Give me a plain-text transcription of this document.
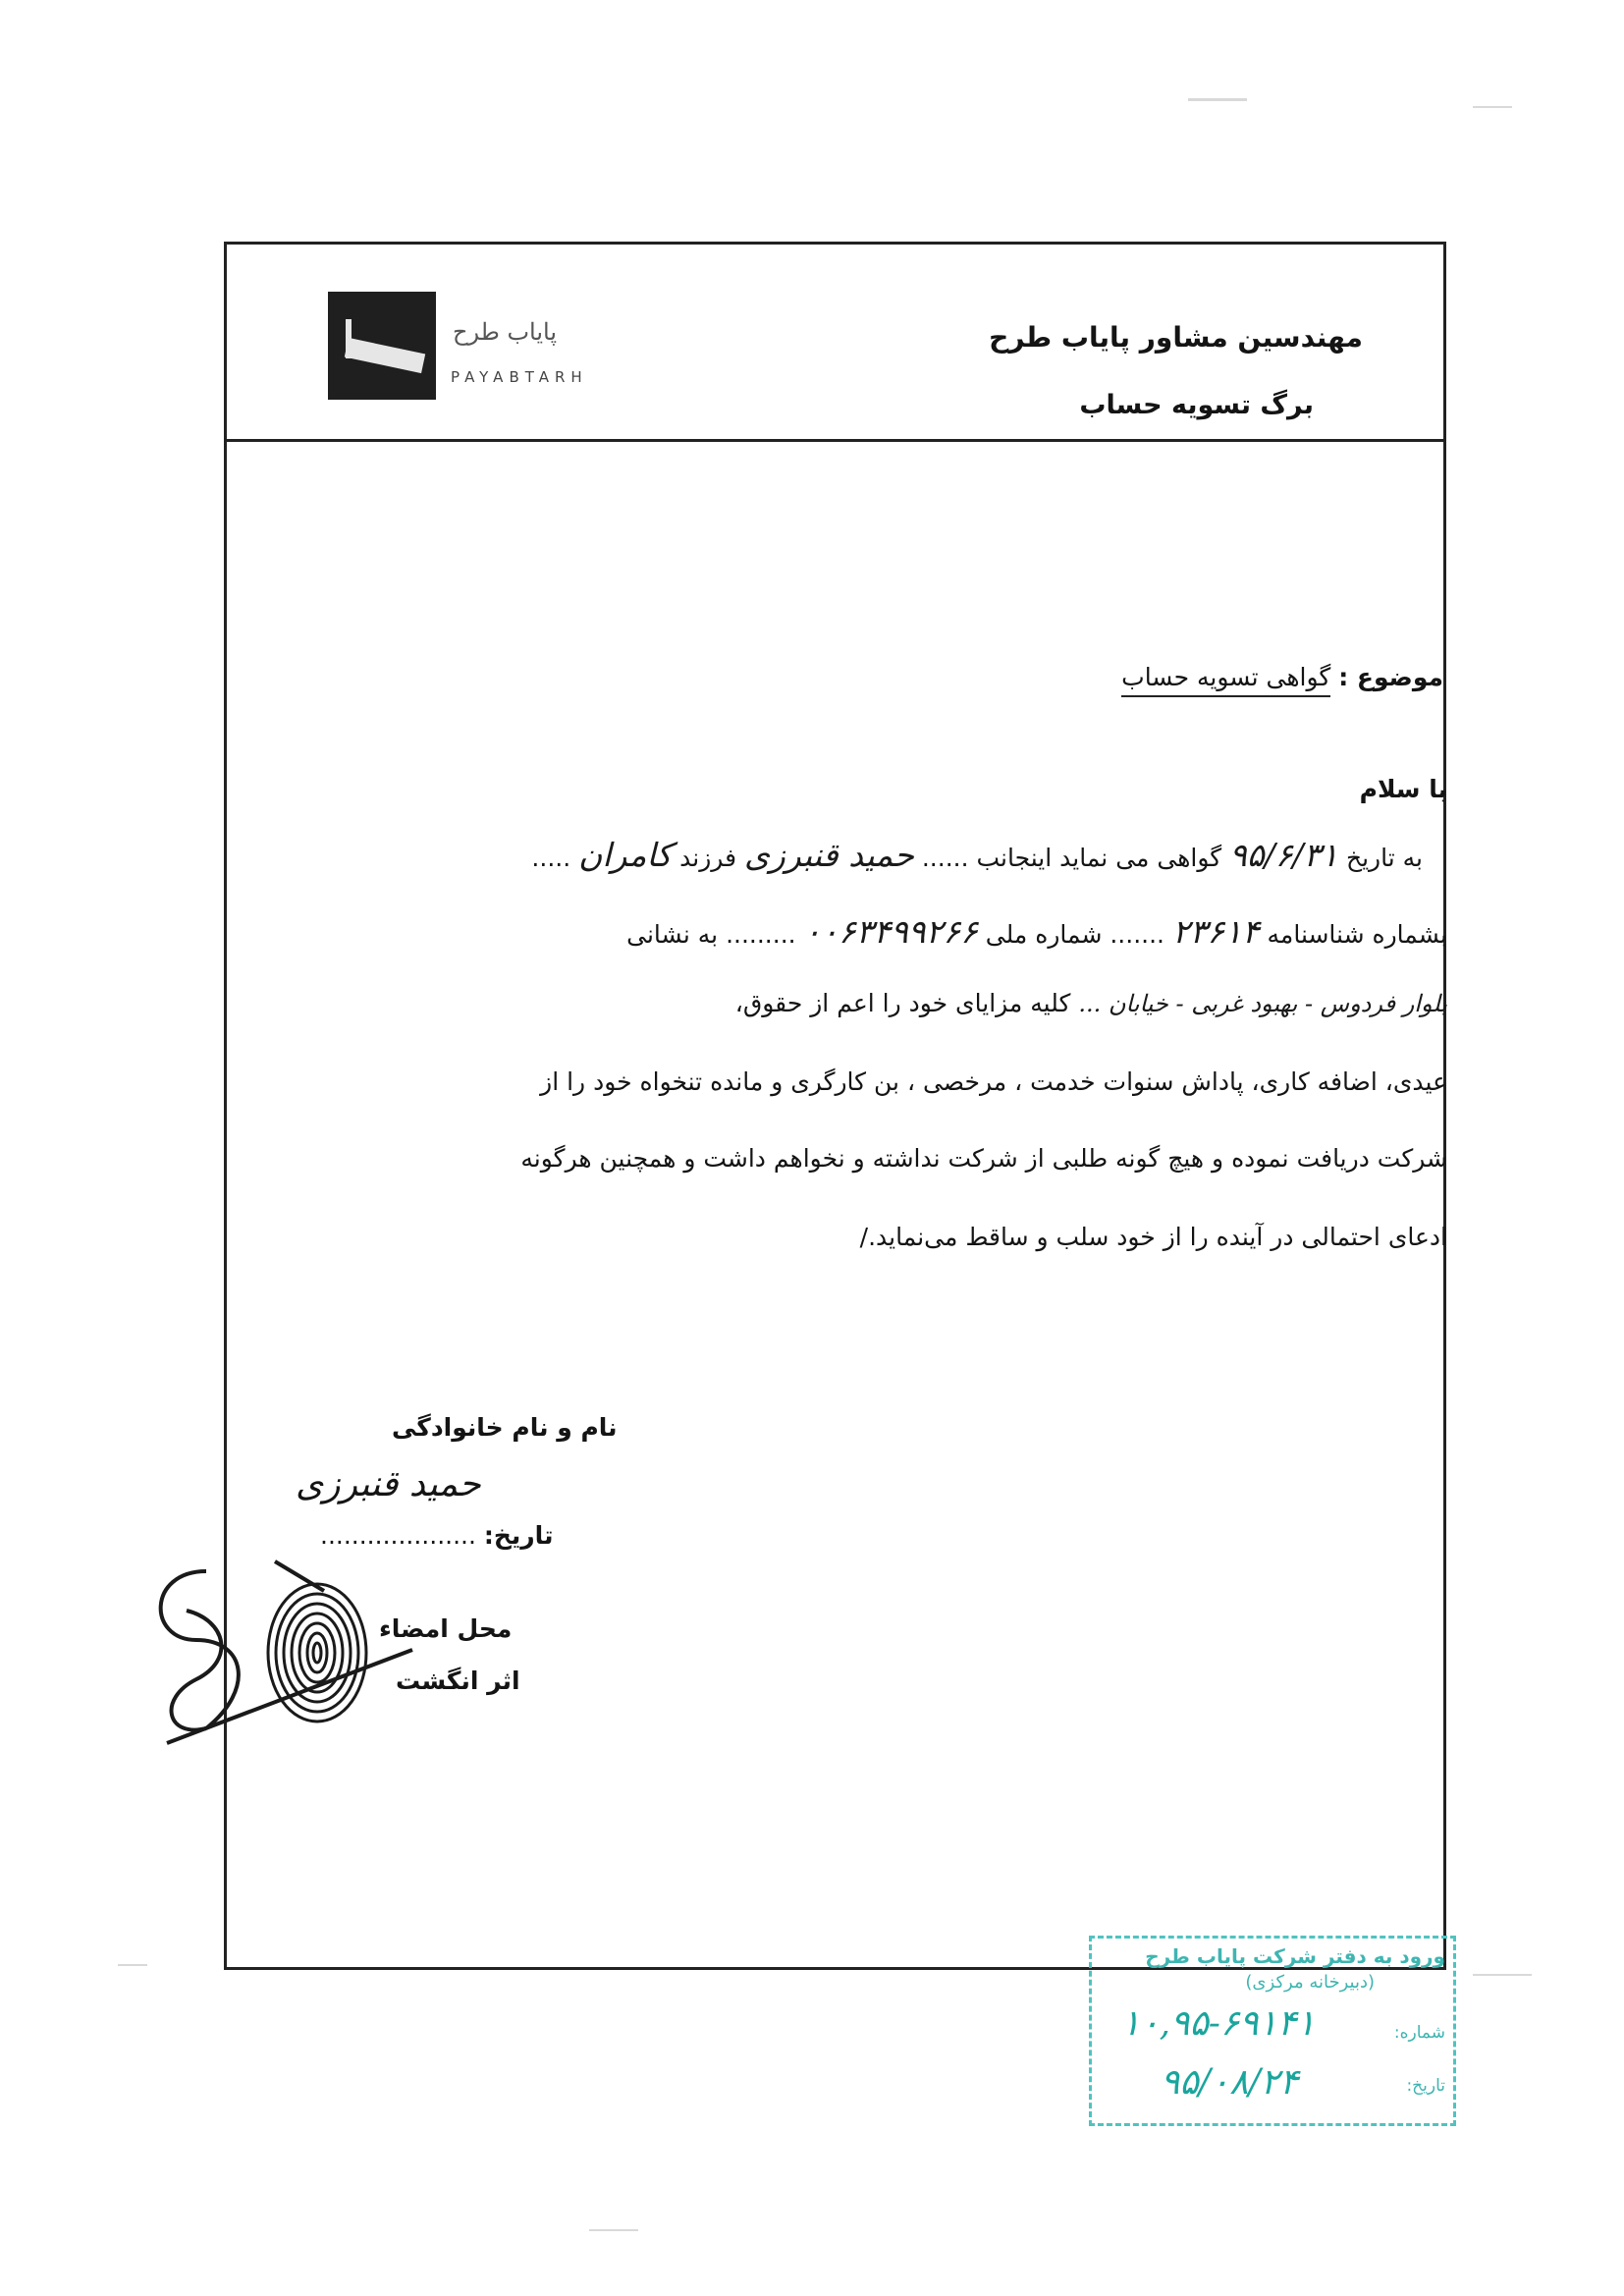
پایاب طرح
PAYABTARH
مهندسین مشاور پایاب طرح
برگ تسویه حساب
موضوع : گواهی تسویه حساب
با سلام
به تاریخ ۹۵/۶/۳۱ گواهی می نماید اینجانب ...... حمید قنبرزی فرزند کامران .....
بشماره شناسنامه ۲۳۶۱۴ ....... شماره ملی ۰۰۶۳۴۹۹۲۶۶ ......... به نشانی
بلوار فردوس - بهبود غربی - خیابان ... کلیه مزایای خود را اعم از حقوق،
عیدی، اضافه کاری، پاداش سنوات خدمت ، مرخصی ، بن کارگری و مانده تنخواه خود را از
شرکت دریافت نموده و هیچ گونه طلبی از شرکت نداشته و نخواهم داشت و همچنین هرگونه
ادعای احتمالی در آینده را از خود سلب و ساقط می‌نماید./
نام و نام خانوادگی
حمید قنبرزی
تاریخ: ....................
محل امضاء
اثر انگشت
ورود به دفتر شرکت پایاب طرح
(دبیرخانه مرکزی)
شماره:
۱۰,۹۵-۶۹۱۴۱
تاریخ:
۹۵/۰۸/۲۴
